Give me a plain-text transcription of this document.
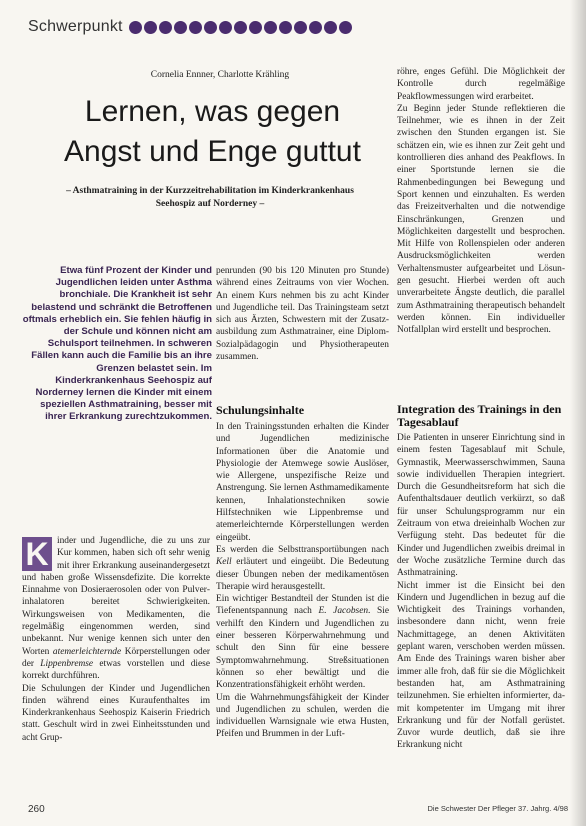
Schwerpunkt
Cornelia Ennner, Charlotte Krähling
Lernen, was gegen
Angst und Enge guttut
– Asthmatraining in der Kurzzeitrehabilitation im Kinderkrankenhaus Seehospiz auf Norderney –
Etwa fünf Prozent der Kinder und Jugendlichen leiden unter Asthma bronchiale. Die Krankheit ist sehr belastend und schränkt die Betroffenen oftmals erheblich ein. Sie fehlen häufig in der Schule und können nicht am Schulsport teilnehmen. In schweren Fällen kann auch die Familie bis an ihre Grenzen belastet sein. Im Kinderkrankenhaus Seehospiz auf Norderney lernen die Kinder mit einem speziellen Asthmatraining, besser mit ihrer Erkrankung zurechtzukommen.
K inder und Jugendliche, die zu uns zur Kur kommen, haben sich oft sehr wenig mit ihrer Erkrankung auseinandergesetzt und haben große Wissensdefizite. Die korrekte Einnahme von Dosieraerosolen oder von Pulverinhalatoren bereitet Schwierigkeiten. Wirkungsweisen von Medikamenten, die regelmäßig eingenommen werden, sind unbekannt. Nur wenige kennen sich unter den Worten atemerleichternde Körperstellungen oder der Lippenbremse etwas vorstellen und diese korrekt durchführen.

Die Schulungen der Kinder und Jugendlichen finden während eines Kuraufenthaltes im Kinderkrankenhaus Seehospiz Kaiserin Friedrich statt. Geschult wird in zwei Einheitsstunden und acht Grup-

penrunden (90 bis 120 Minuten pro Stunde) während eines Zeitraums von vier Wochen. An einem Kurs nehmen bis zu acht Kinder und Jugendliche teil. Das Trainingsteam setzt sich aus Ärzten, Schwestern mit der Zusatzausbildung zum Asthmatrainer, eine Diplom-Sozialpädagogin und Physiotherapeuten zusammen.

Schulungsinhalte

In den Trainingsstunden erhalten die Kinder und Jugendlichen medizinische Informationen über die Anatomie und Physiologie der Atemwege sowie Auslöser, wie Allergene, unspezifische Reize und Anstrengung. Sie lernen Asthmamedikamente kennen, Inhalationstechniken sowie Hilfstechniken wie Lippenbremse und atemerleichternde Körperstellungen werden eingeübt.

Es werden die Selbsttransportübungen nach Kell erläutert und eingeübt. Die Bedeutung dieser Übungen neben der medikamentösen Therapie wird herausgestellt.

Ein wichtiger Bestandteil der Stunden ist die Tiefenentspannung nach E. Jacobsen. Sie verhilft den Kindern und Jugendlichen zu einer besseren Körperwahrnehmung und schult den Sinn für eine bessere Symptomwahrnehmung. Streßsituationen können so eher bewältigt und die Konzentrationsfähigkeit erhöht werden.

Um die Wahrnehmungsfähigkeit der Kinder und Jugendlichen zu schulen, werden die individuellen Warnsignale wie etwa Husten, Pfeifen und Brummen in der Luft-

röhre, enges Gefühl. Die Möglichkeit der Kontrolle durch regelmäßige Peakflowmessungen wird erarbeitet.

Zu Beginn jeder Stunde reflektieren die Teilnehmer, wie es ihnen in der Zeit zwischen den Stunden ergangen ist. Sie schätzen ein, wie es ihnen zur Zeit geht und kontrollieren dies anhand des Peakflows. In einer Sportstunde lernen sie die Rahmenbedingungen bei Bewegung und Sport kennen und einzuhalten. Es werden das Freizeitverhalten und die notwendige Einschränkungen, Grenzen und Möglichkeiten dargestellt und besprochen. Mit Hilfe von Rollenspielen oder anderen Ausdrucksmöglichkeiten werden Verhaltensmuster aufgearbeitet und Lösungen gesucht. Hierbei werden oft auch unverarbeitete Ängste deutlich, die parallel zum Asthmatraining therapeutisch behandelt werden können. Ein individueller Notfallplan wird erstellt und besprochen.

Integration des Trainings in den Tagesablauf

Die Patienten in unserer Einrichtung sind in einem festen Tagesablauf mit Schule, Gymnastik, Meerwasserschwimmen, Sauna sowie individuellen Therapien integriert. Durch die Gesundheitsreform hat sich die Aufenthaltsdauer deutlich verkürzt, so daß für unser Schulungsprogramm nur ein Zeitraum von etwa dreieinhalb Wochen zur Verfügung steht. Das bedeutet für die Kinder und Jugendlichen zweibis dreimal in der Woche zusätzliche Termine durch das Asthmatraining.

Nicht immer ist die Einsicht bei den Kindern und Jugendlichen in bezug auf die Wichtigkeit des Trainings vorhanden, insbesondere dann nicht, wenn freie Nachmittagege, an denen Aktivitäten geplant waren, verschoben werden müssen. Am Ende des Trainings waren bisher aber immer alle froh, daß für sie die Möglichkeit bestanden hat, am Asthmatraining teilzunehmen. Sie erhielten informierter, damit kompetenter im Umgang mit ihrer Erkrankung und für der Notfall gerüstet. Zuvor wurde deutlich, daß sie ihre Erkrankung nicht

260	Die Schwester Der Pfleger 37. Jahrg. 4/98
